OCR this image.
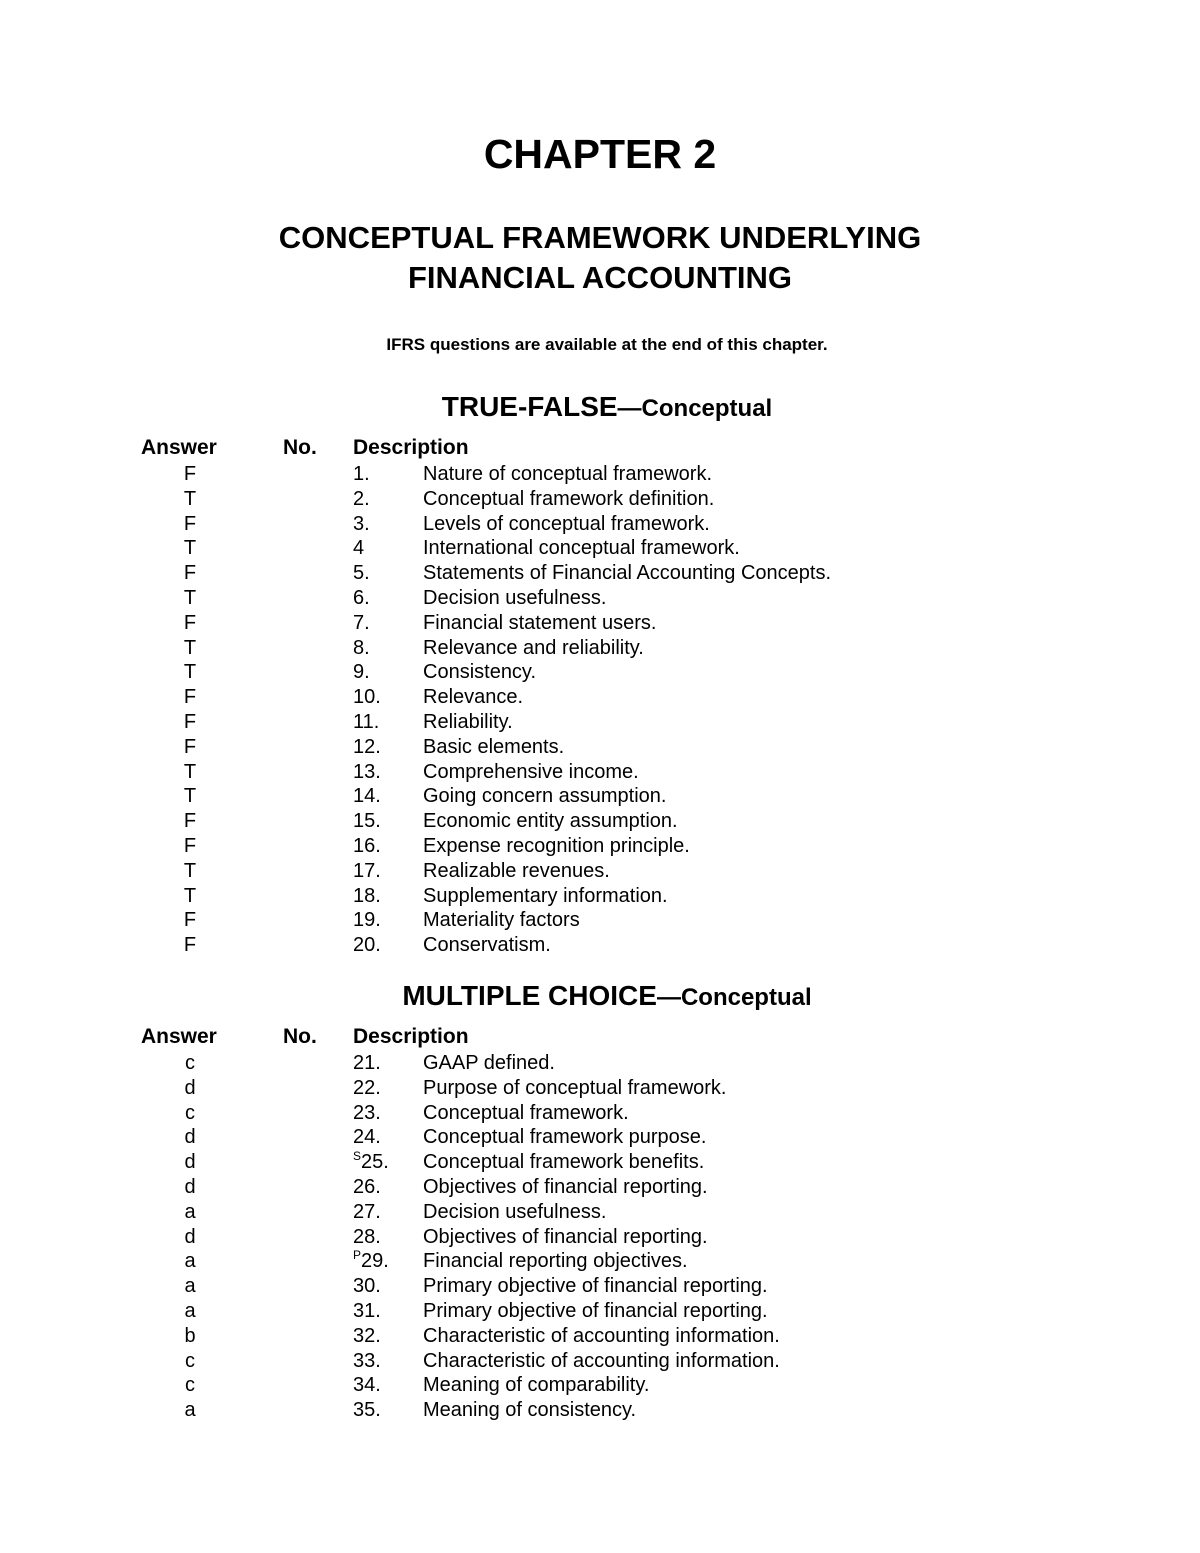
CHAPTER 2
CONCEPTUAL FRAMEWORK UNDERLYING
FINANCIAL ACCOUNTING

IFRS questions are available at the end of this chapter.

TRUE-FALSE—Conceptual
Answer	No. Description
F	1.	Nature of conceptual framework.
T	2.	Conceptual framework definition.
F	3.	Levels of conceptual framework.
T	4	International conceptual framework.
F	5.	Statements of Financial Accounting Concepts.
T	6.	Decision usefulness.
F	7.	Financial statement users.
T	8.	Relevance and reliability.
T	9.	Consistency.
F	10. Relevance.
F	11. Reliability.
F	12. Basic elements.
T	13. Comprehensive income.
T	14. Going concern assumption.
F	15. Economic entity assumption.
F	16. Expense recognition principle.
T	17. Realizable revenues.
T	18. Supplementary information.
F	19. Materiality factors
F	20. Conservatism.
MULTIPLE CHOICE—Conceptual
Answer	No. Description
c	21. GAAP defined.
d	22. Purpose of conceptual framework.
c	23. Conceptual framework.
d	24. Conceptual framework purpose.
d	$^S$25. Conceptual framework benefits.
d	26. Objectives of financial reporting.
a	27. Decision usefulness.
d	28. Objectives of financial reporting.
a	$^P$29. Financial reporting objectives.
a	30. Primary objective of financial reporting.
a	31. Primary objective of financial reporting.
b	32. Characteristic of accounting information.
c	33. Characteristic of accounting information.
c	34. Meaning of comparability.
a	35. Meaning of consistency.
